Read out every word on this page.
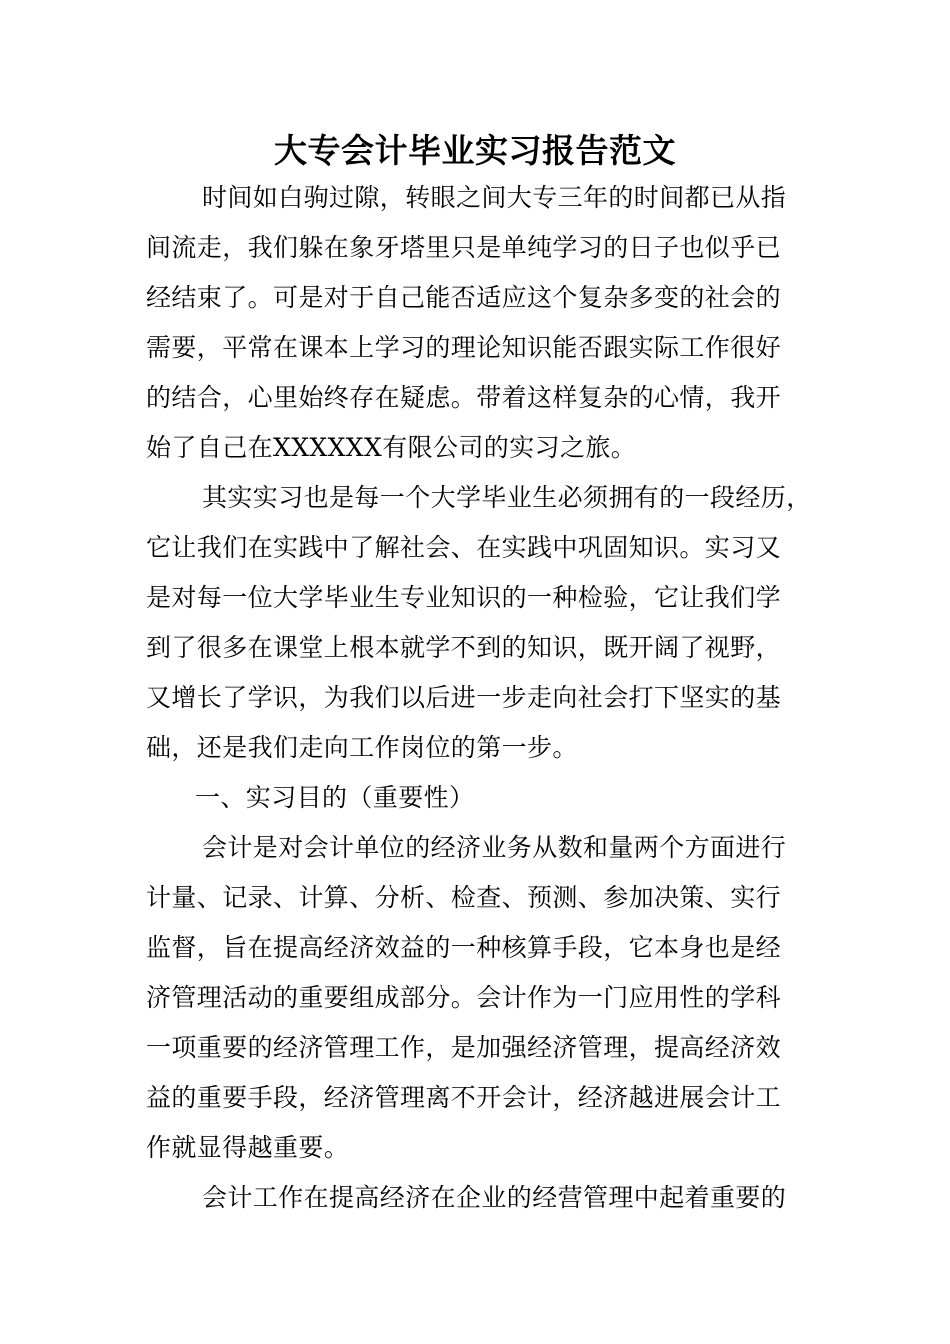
大专会计毕业实习报告范文

时间如白驹过隙，转眼之间大专三年的时间都已从指

间流走，我们躲在象牙塔里只是单纯学习的日子也似乎已

经结束了。可是对于自己能否适应这个复杂多变的社会的

需要，平常在课本上学习的理论知识能否跟实际工作很好

的结合，心里始终存在疑虑。带着这样复杂的心情，我开

始了自己在XXXXXX有限公司的实习之旅。

其实实习也是每一个大学毕业生必须拥有的一段经历，

它让我们在实践中了解社会、在实践中巩固知识。实习又

是对每一位大学毕业生专业知识的一种检验，它让我们学

到了很多在课堂上根本就学不到的知识，既开阔了视野，

又增长了学识，为我们以后进一步走向社会打下坚实的基

础，还是我们走向工作岗位的第一步。

一、实习目的（重要性）

会计是对会计单位的经济业务从数和量两个方面进行

计量、记录、计算、分析、检查、预测、参加决策、实行

监督，旨在提高经济效益的一种核算手段，它本身也是经

济管理活动的重要组成部分。会计作为一门应用性的学科

一项重要的经济管理工作，是加强经济管理，提高经济效

益的重要手段，经济管理离不开会计，经济越进展会计工

作就显得越重要。

会计工作在提高经济在企业的经营管理中起着重要的
